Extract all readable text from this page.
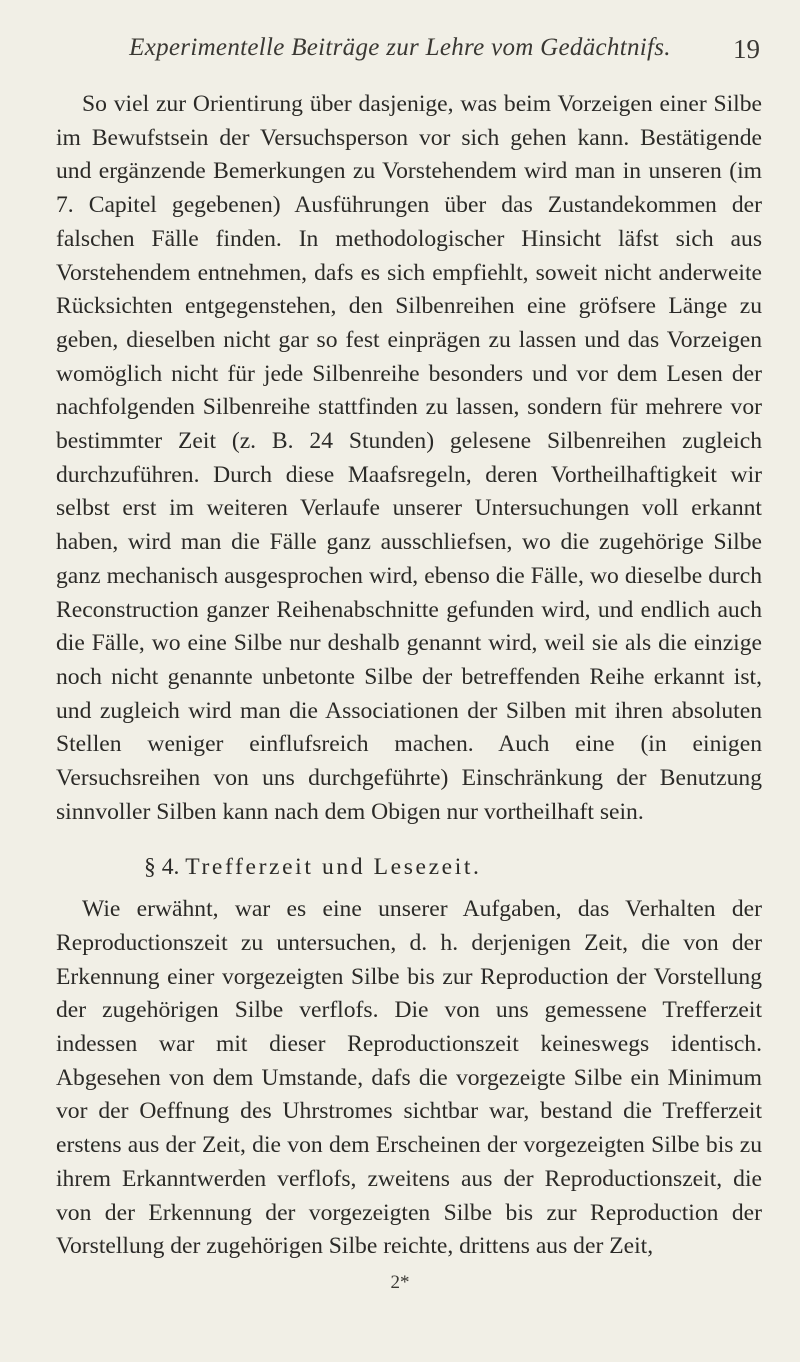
Experimentelle Beiträge zur Lehre vom Gedächtnifs.	19

So viel zur Orientirung über dasjenige, was beim Vorzeigen einer Silbe im Bewufstsein der Versuchsperson vor sich gehen kann. Bestätigende und ergänzende Bemerkungen zu Vorstehendem wird man in unseren (im 7. Capitel gegebenen) Ausführungen über das Zustandekommen der falschen Fälle finden. In methodologischer Hinsicht läfst sich aus Vorstehendem entnehmen, dafs es sich empfiehlt, soweit nicht anderweite Rücksichten entgegenstehen, den Silbenreihen eine gröfsere Länge zu geben, dieselben nicht gar so fest einprägen zu lassen und das Vorzeigen womöglich nicht für jede Silbenreihe besonders und vor dem Lesen der nachfolgenden Silbenreihe stattfinden zu lassen, sondern für mehrere vor bestimmter Zeit (z. B. 24 Stunden) gelesene Silbenreihen zugleich durchzuführen. Durch diese Maafsregeln, deren Vortheilhaftigkeit wir selbst erst im weiteren Verlaufe unserer Untersuchungen voll erkannt haben, wird man die Fälle ganz ausschliefsen, wo die zugehörige Silbe ganz mechanisch ausgesprochen wird, ebenso die Fälle, wo dieselbe durch Reconstruction ganzer Reihenabschnitte gefunden wird, und endlich auch die Fälle, wo eine Silbe nur deshalb genannt wird, weil sie als die einzige noch nicht genannte unbetonte Silbe der betreffenden Reihe erkannt ist, und zugleich wird man die Associationen der Silben mit ihren absoluten Stellen weniger einflufsreich machen. Auch eine (in einigen Versuchsreihen von uns durchgeführte) Einschränkung der Benutzung sinnvoller Silben kann nach dem Obigen nur vortheilhaft sein.

§ 4. Trefferzeit und Lesezeit.

Wie erwähnt, war es eine unserer Aufgaben, das Verhalten der Reproductionszeit zu untersuchen, d. h. derjenigen Zeit, die von der Erkennung einer vorgezeigten Silbe bis zur Reproduction der Vorstellung der zugehörigen Silbe verflofs. Die von uns gemessene Trefferzeit indessen war mit dieser Reproductionszeit keineswegs identisch. Abgesehen von dem Umstande, dafs die vorgezeigte Silbe ein Minimum vor der Oeffnung des Uhrstromes sichtbar war, bestand die Trefferzeit erstens aus der Zeit, die von dem Erscheinen der vorgezeigten Silbe bis zu ihrem Erkanntwerden verflofs, zweitens aus der Reproductionszeit, die von der Erkennung der vorgezeigten Silbe bis zur Reproduction der Vorstellung der zugehörigen Silbe reichte, drittens aus der Zeit,

2*
